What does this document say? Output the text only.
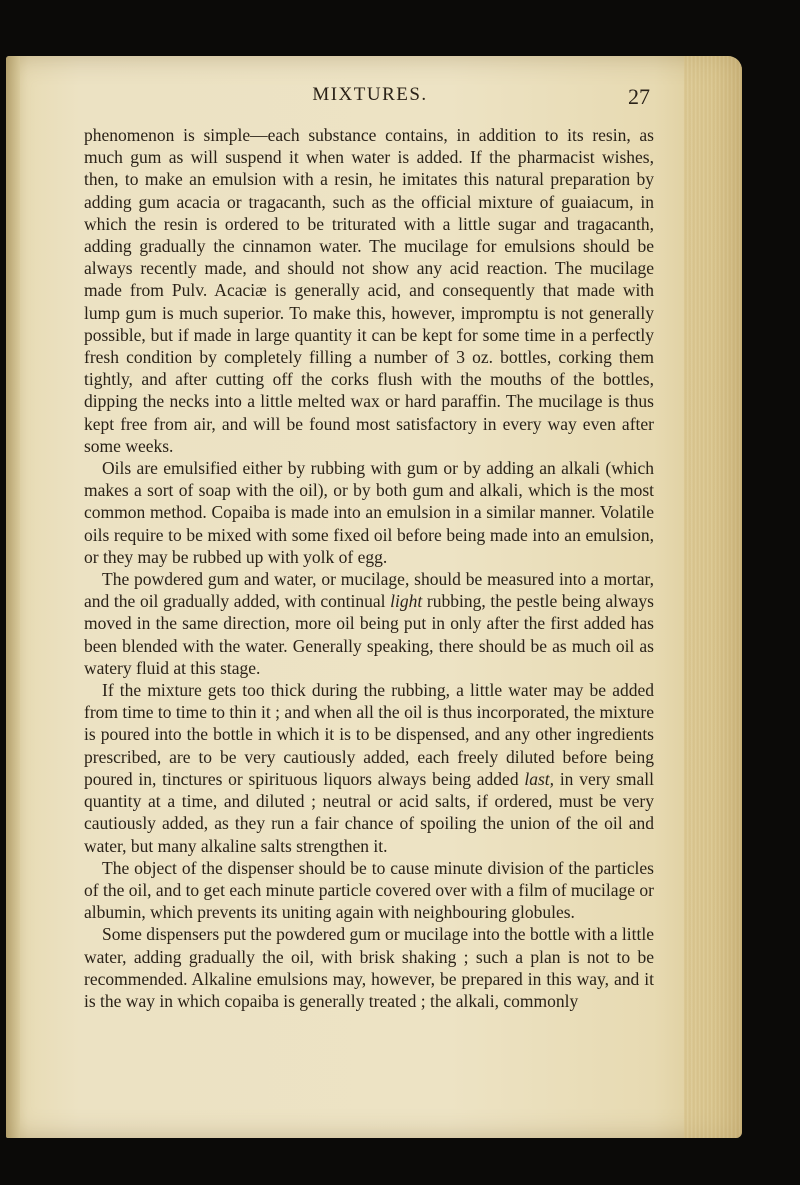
MIXTURES.	27

phenomenon is simple—each substance contains, in addition to its resin, as much gum as will suspend it when water is added. If the pharmacist wishes, then, to make an emulsion with a resin, he imitates this natural preparation by adding gum acacia or tragacanth, such as the official mixture of guaiacum, in which the resin is ordered to be triturated with a little sugar and tragacanth, adding gradually the cinnamon water. The mucilage for emulsions should be always recently made, and should not show any acid reaction. The mucilage made from Pulv. Acaciæ is generally acid, and consequently that made with lump gum is much superior. To make this, however, impromptu is not generally possible, but if made in large quantity it can be kept for some time in a perfectly fresh condition by completely filling a number of 3 oz. bottles, corking them tightly, and after cutting off the corks flush with the mouths of the bottles, dipping the necks into a little melted wax or hard paraffin. The mucilage is thus kept free from air, and will be found most satisfactory in every way even after some weeks.

Oils are emulsified either by rubbing with gum or by adding an alkali (which makes a sort of soap with the oil), or by both gum and alkali, which is the most common method. Copaiba is made into an emulsion in a similar manner. Volatile oils require to be mixed with some fixed oil before being made into an emulsion, or they may be rubbed up with yolk of egg.

The powdered gum and water, or mucilage, should be measured into a mortar, and the oil gradually added, with continual light rubbing, the pestle being always moved in the same direction, more oil being put in only after the first added has been blended with the water. Generally speaking, there should be as much oil as watery fluid at this stage.

If the mixture gets too thick during the rubbing, a little water may be added from time to time to thin it ; and when all the oil is thus incorporated, the mixture is poured into the bottle in which it is to be dispensed, and any other ingredients prescribed, are to be very cautiously added, each freely diluted before being poured in, tinctures or spirituous liquors always being added last, in very small quantity at a time, and diluted ; neutral or acid salts, if ordered, must be very cautiously added, as they run a fair chance of spoiling the union of the oil and water, but many alkaline salts strengthen it.

The object of the dispenser should be to cause minute division of the particles of the oil, and to get each minute particle covered over with a film of mucilage or albumin, which prevents its uniting again with neighbouring globules.

Some dispensers put the powdered gum or mucilage into the bottle with a little water, adding gradually the oil, with brisk shaking ; such a plan is not to be recommended. Alkaline emulsions may, however, be prepared in this way, and it is the way in which copaiba is generally treated ; the alkali, commonly
